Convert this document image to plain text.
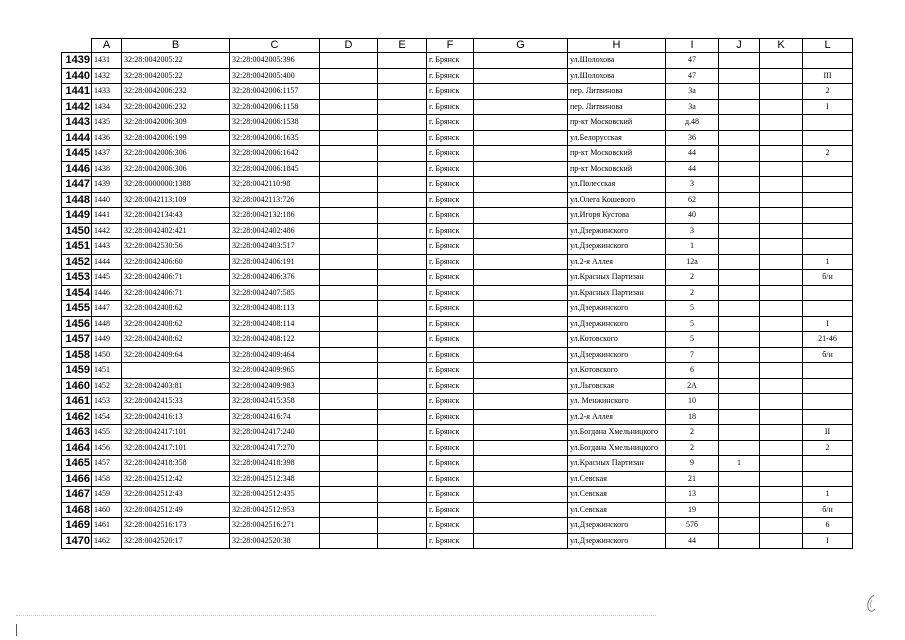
	A	B	C	D	E	F	G	H	I	J	K	L
1439	1431	32:28:0042005:22	32:28:0042005:396			г. Брянск		ул.Шолохова	47			
1440	1432	32:28:0042005:22	32:28:0042005:400			г. Брянск		ул.Шолохова	47			III
1441	1433	32:28:0042006:232	32:28:0042006:1157			г. Брянск		пер. Литвинова	3а			2
1442	1434	32:28:0042006:232	32:28:0042006:1158			г. Брянск		пер. Литвинова	3а			I
1443	1435	32:28:0042006:309	32:28:0042006:1538			г. Брянск		пр-кт Московский	д.48			
1444	1436	32:28:0042006:199	32:28:0042006:1635			г. Брянск		ул.Белорусская	36			
1445	1437	32:28:0042006:306	32:28:0042006:1642			г. Брянск		пр-кт Московский	44			2
1446	1438	32:28:0042006:306	32:28:0042006:1845			г. Брянск		пр-кт Московский	44			
1447	1439	32:28:0000000:1388	32:28:0042110:98			г. Брянск		ул.Полесская	3			
1448	1440	32:28:0042113:109	32:28:0042113:726			г. Брянск		ул.Олега Кошевого	62			
1449	1441	32:28:0042134:43	32:28:0042132:186			г. Брянск		ул.Игоря Кустова	40			
1450	1442	32:28:0042402:421	32:28:0042402:486			г. Брянск		ул.Дзержинского	3			
1451	1443	32:28:0042530:56	32:28:0042403:517			г. Брянск		ул.Дзержинского	1			
1452	1444	32:28:0042406:60	32:28:0042406:191			г. Брянск		ул.2-я Аллея	12а			1
1453	1445	32:28:0042406:71	32:28:0042406:376			г. Брянск		ул.Красных Партизан	2			б/н
1454	1446	32:28:0042406:71	32:28:0042407:585			г. Брянск		ул.Красных Партизан	2			
1455	1447	32:28:0042408:62	32:28:0042408:113			г. Брянск		ул.Дзержинского	5			
1456	1448	32:28:0042408:62	32:28:0042408:114			г. Брянск		ул.Дзержинского	5			I
1457	1449	32:28:0042408:62	32:28:0042408:122			г. Брянск		ул.Котовского	5			21-46
1458	1450	32:28:0042409:64	32:28:0042409:464			г. Брянск		ул.Дзержинского	7			б/н
1459	1451		32:28:0042409:965			г. Брянск		ул.Котовского	6			
1460	1452	32:28:0042403:81	32:28:0042409:983			г. Брянск		ул.Льговская	2А			
1461	1453	32:28:0042415:33	32:28:0042415:358			г. Брянск		ул. Менжинского	10			
1462	1454	32:28:0042416:13	32:28:0042416:74			г. Брянск		ул.2-я Аллея	18			
1463	1455	32:28:0042417:101	32:28:0042417:240			г. Брянск		ул.Богдана Хмельницкого	2			II
1464	1456	32:28:0042417:101	32:28:0042417:270			г. Брянск		ул.Богдана Хмельницкого	2			2
1465	1457	32:28:0042418:358	32:28:0042418:398			г. Брянск		ул.Красных Партизан	9	1		
1466	1458	32:28:0042512:42	32:28:0042512:348			г. Брянск		ул.Севская	21			
1467	1459	32:28:0042512:43	32:28:0042512:435			г. Брянск		ул.Севская	13			1
1468	1460	32:28:0042512:49	32:28:0042512:953			г. Брянск		ул.Севская	19			б/н
1469	1461	32:28:0042516:173	32:28:0042516:271			г. Брянск		ул.Дзержинского	57б			6
1470	1462	32:28:0042520:17	32:28:0042520:38			г. Брянск		ул.Дзержинского	44			I
